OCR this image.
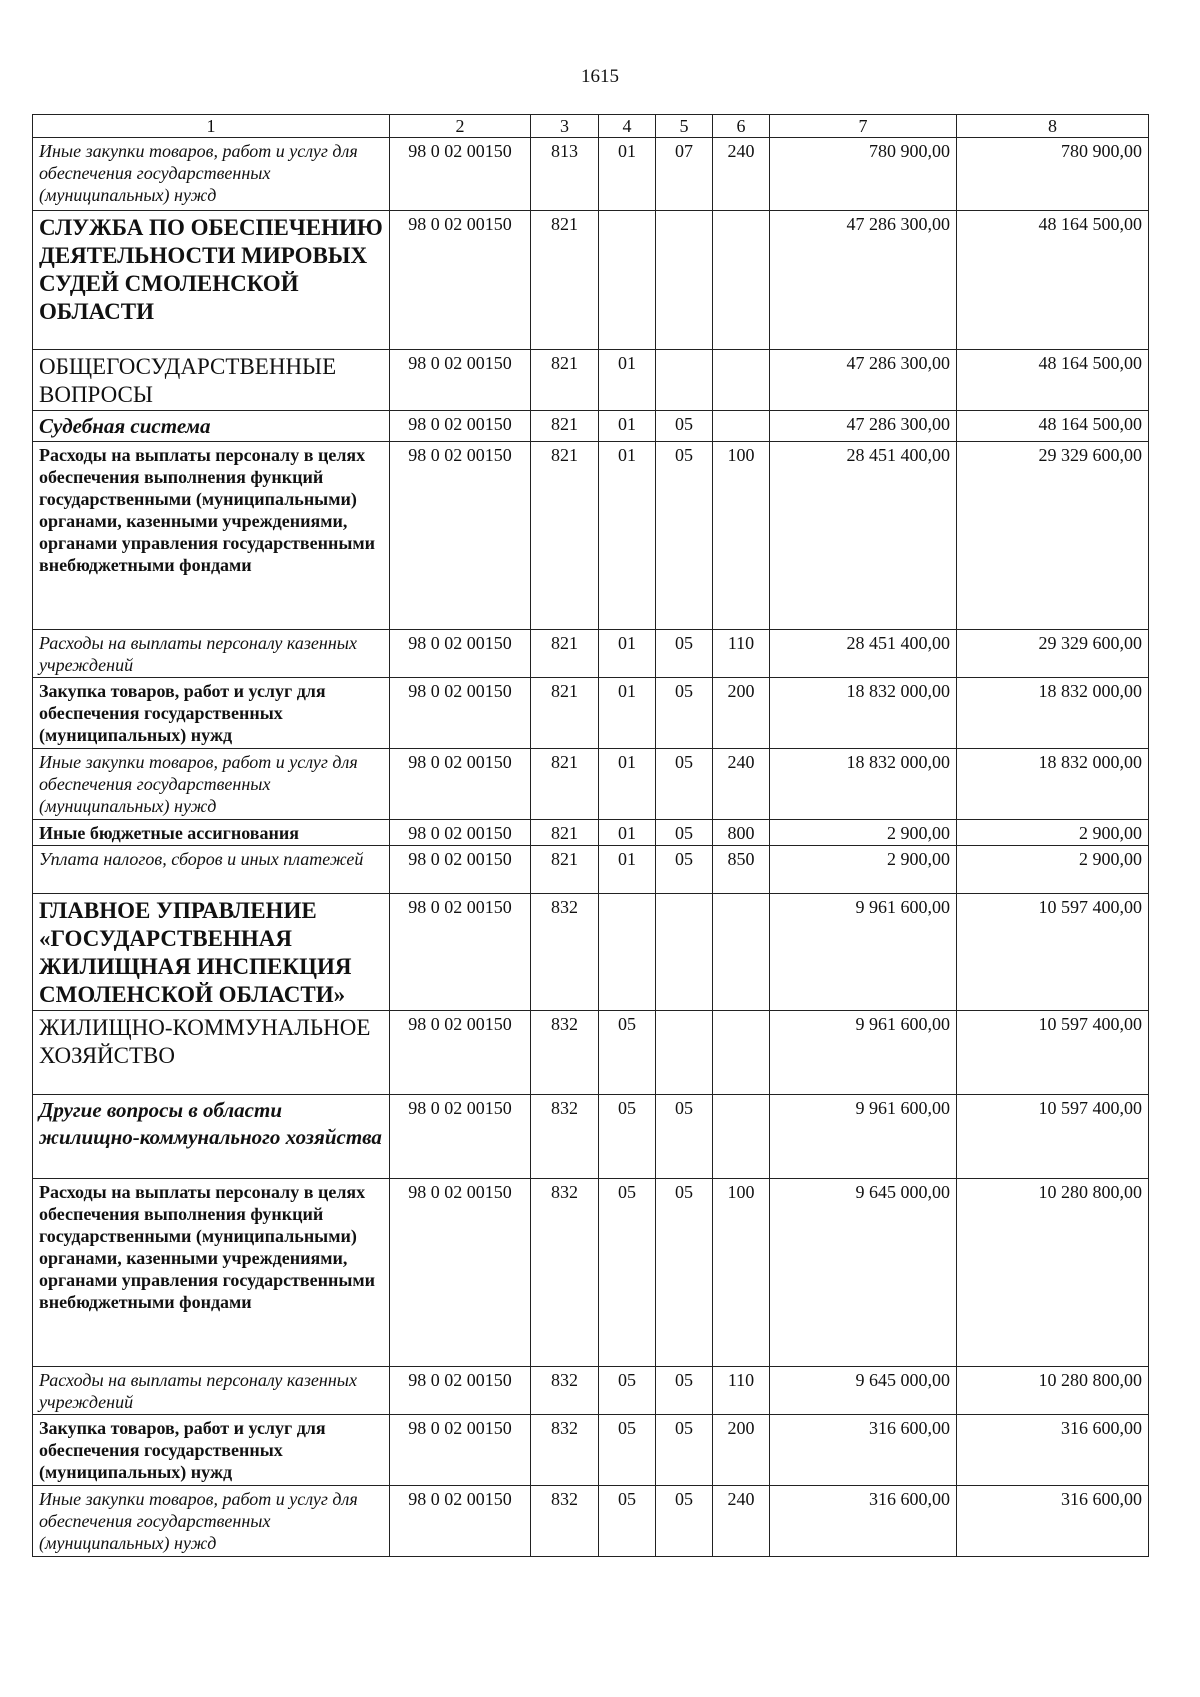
1615
1	2	3	4	5	6	7	8
Иные закупки товаров, работ и услуг для обеспечения государственных (муниципальных) нужд	98 0 02 00150	813	01	07	240	780 900,00	780 900,00
СЛУЖБА ПО ОБЕСПЕЧЕНИЮ ДЕЯТЕЛЬНОСТИ МИРОВЫХ СУДЕЙ СМОЛЕНСКОЙ ОБЛАСТИ	98 0 02 00150	821				47 286 300,00	48 164 500,00
ОБЩЕГОСУДАРСТВЕННЫЕ ВОПРОСЫ	98 0 02 00150	821	01			47 286 300,00	48 164 500,00
Судебная система	98 0 02 00150	821	01	05		47 286 300,00	48 164 500,00
Расходы на выплаты персоналу в целях обеспечения выполнения функций государственными (муниципальными) органами, казенными учреждениями, органами управления государственными внебюджетными фондами	98 0 02 00150	821	01	05	100	28 451 400,00	29 329 600,00
Расходы на выплаты персоналу казенных учреждений	98 0 02 00150	821	01	05	110	28 451 400,00	29 329 600,00
Закупка товаров, работ и услуг для обеспечения государственных (муниципальных) нужд	98 0 02 00150	821	01	05	200	18 832 000,00	18 832 000,00
Иные закупки товаров, работ и услуг для обеспечения государственных (муниципальных) нужд	98 0 02 00150	821	01	05	240	18 832 000,00	18 832 000,00
Иные бюджетные ассигнования	98 0 02 00150	821	01	05	800	2 900,00	2 900,00
Уплата налогов, сборов и иных платежей	98 0 02 00150	821	01	05	850	2 900,00	2 900,00
ГЛАВНОЕ УПРАВЛЕНИЕ «ГОСУДАРСТВЕННАЯ ЖИЛИЩНАЯ ИНСПЕКЦИЯ СМОЛЕНСКОЙ ОБЛАСТИ»	98 0 02 00150	832				9 961 600,00	10 597 400,00
ЖИЛИЩНО-КОММУНАЛЬНОЕ ХОЗЯЙСТВО	98 0 02 00150	832	05			9 961 600,00	10 597 400,00
Другие вопросы в области жилищно-коммунального хозяйства	98 0 02 00150	832	05	05		9 961 600,00	10 597 400,00
Расходы на выплаты персоналу в целях обеспечения выполнения функций государственными (муниципальными) органами, казенными учреждениями, органами управления государственными внебюджетными фондами	98 0 02 00150	832	05	05	100	9 645 000,00	10 280 800,00
Расходы на выплаты персоналу казенных учреждений	98 0 02 00150	832	05	05	110	9 645 000,00	10 280 800,00
Закупка товаров, работ и услуг для обеспечения государственных (муниципальных) нужд	98 0 02 00150	832	05	05	200	316 600,00	316 600,00
Иные закупки товаров, работ и услуг для обеспечения государственных (муниципальных) нужд	98 0 02 00150	832	05	05	240	316 600,00	316 600,00
